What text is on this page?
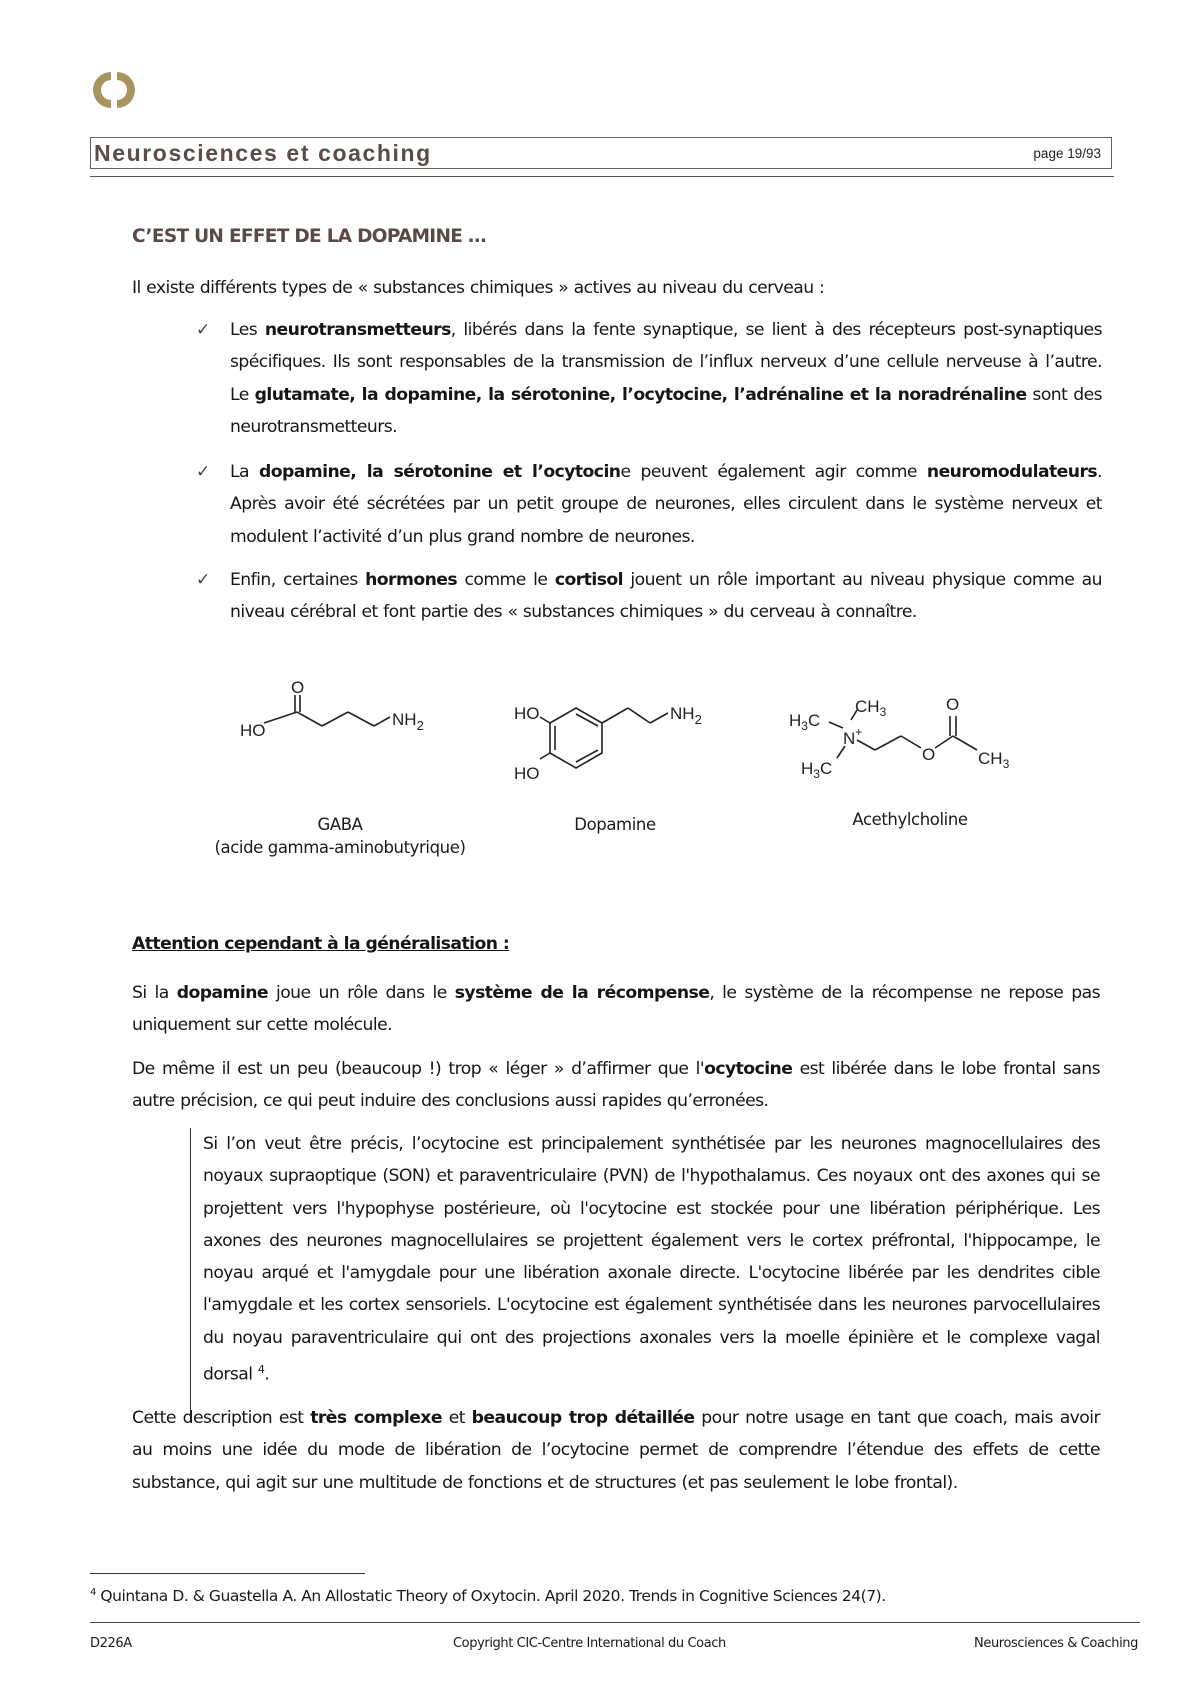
Neurosciences et coaching	page 19/93
C’EST UN EFFET DE LA DOPAMINE …
Il existe différents types de « substances chimiques » actives au niveau du cerveau :
✓ Les neurotransmetteurs, libérés dans la fente synaptique, se lient à des récepteurs post-synaptiques spécifiques. Ils sont responsables de la transmission de l’influx nerveux d’une cellule nerveuse à l’autre. Le glutamate, la dopamine, la sérotonine, l’ocytocine, l’adrénaline et la noradrénaline sont des neurotransmetteurs.
✓ La dopamine, la sérotonine et l’ocytocine peuvent également agir comme neuromodulateurs. Après avoir été sécrétées par un petit groupe de neurones, elles circulent dans le système nerveux et modulent l’activité d’un plus grand nombre de neurones.
✓ Enfin, certaines hormones comme le cortisol jouent un rôle important au niveau physique comme au niveau cérébral et font partie des « substances chimiques » du cerveau à connaître.
O
HO
$NH_2$
GABA
(acide gamma-aminobutyrique)
HO
HO
$NH_2$
Dopamine
$H_3C$
$CH_3$
N+
$H_3C$
O
O
$CH_3$
Acethylcholine
Attention cependant à la généralisation :
Si la dopamine joue un rôle dans le système de la récompense, le système de la récompense ne repose pas uniquement sur cette molécule.
De même il est un peu (beaucoup !) trop « léger » d’affirmer que l'ocytocine est libérée dans le lobe frontal sans autre précision, ce qui peut induire des conclusions aussi rapides qu’erronées.
Si l’on veut être précis, l’ocytocine est principalement synthétisée par les neurones magnocellulaires des noyaux supraoptique (SON) et paraventriculaire (PVN) de l'hypothalamus. Ces noyaux ont des axones qui se projettent vers l'hypophyse postérieure, où l'ocytocine est stockée pour une libération périphérique. Les axones des neurones magnocellulaires se projettent également vers le cortex préfrontal, l'hippocampe, le noyau arqué et l'amygdale pour une libération axonale directe. L'ocytocine libérée par les dendrites cible l'amygdale et les cortex sensoriels. L'ocytocine est également synthétisée dans les neurones parvocellulaires du noyau paraventriculaire qui ont des projections axonales vers la moelle épinière et le complexe vagal dorsal $^4$.
Cette description est très complexe et beaucoup trop détaillée pour notre usage en tant que coach, mais avoir au moins une idée du mode de libération de l’ocytocine permet de comprendre l’étendue des effets de cette substance, qui agit sur une multitude de fonctions et de structures (et pas seulement le lobe frontal).
$^4$ Quintana D. & Guastella A. An Allostatic Theory of Oxytocin. April 2020. Trends in Cognitive Sciences 24(7).
D226A	Copyright CIC-Centre International du Coach	Neurosciences & Coaching
